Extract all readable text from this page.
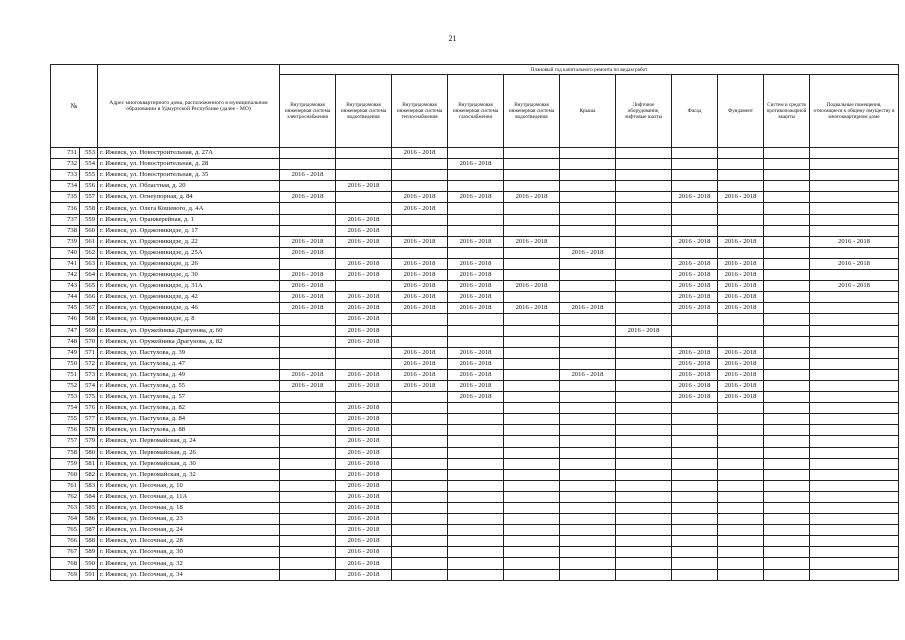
21
№		Адрес многоквартирного дома, расположенного в муниципальном образовании в Удмуртской Республике (далее - МО)	Плановый год капитального ремонта по видам работ										
			Внутридомовая инженерная система электроснабжения	Внутридомовая инженерная система водоотведения	Внутридомовая инженерная система теплоснабжения	Внутридомовая инженерная система газоснабжения	Внутридомовая инженерная система водоотведения	Крыша	Лифтовое оборудование, лифтовые шахты	Фасад	Фундамент	Систем и средств противопожарной защиты	Подвальные помещения, относящиеся к общему имуществу в многоквартирном доме
731	553	г. Ижевск, ул. Новостроительная, д. 27А			2016 - 2018								
732	554	г. Ижевск, ул. Новостроительная, д. 28				2016 - 2018							
733	555	г. Ижевск, ул. Новостроительная, д. 35	2016 - 2018										
734	556	г. Ижевск, ул. Областная, д. 20		2016 - 2018									
735	557	г. Ижевск, ул. Огнеупорная, д. 84	2016 - 2018		2016 - 2018	2016 - 2018	2016 - 2018			2016 - 2018	2016 - 2018		
736	558	г. Ижевск, ул. Олега Кошевого, д. 4А			2016 - 2018								
737	559	г. Ижевск, ул. Оранжерейная, д. 1		2016 - 2018									
738	560	г. Ижевск, ул. Орджоникидзе, д. 17		2016 - 2018									
739	561	г. Ижевск, ул. Орджоникидзе, д. 22	2016 - 2018	2016 - 2018	2016 - 2018	2016 - 2018	2016 - 2018			2016 - 2018	2016 - 2018		2016 - 2018
740	562	г. Ижевск, ул. Орджоникидзе, д. 25А	2016 - 2018					2016 - 2018					
741	563	г. Ижевск, ул. Орджоникидзе, д. 26		2016 - 2018	2016 - 2018	2016 - 2018				2016 - 2018	2016 - 2018		2016 - 2018
742	564	г. Ижевск, ул. Орджоникидзе, д. 30	2016 - 2018	2016 - 2018	2016 - 2018	2016 - 2018				2016 - 2018	2016 - 2018		
743	565	г. Ижевск, ул. Орджоникидзе, д. 31А	2016 - 2018		2016 - 2018	2016 - 2018	2016 - 2018			2016 - 2018	2016 - 2018		2016 - 2018
744	566	г. Ижевск, ул. Орджоникидзе, д. 42	2016 - 2018	2016 - 2018	2016 - 2018	2016 - 2018				2016 - 2018	2016 - 2018		
745	567	г. Ижевск, ул. Орджоникидзе, д. 46	2016 - 2018	2016 - 2018	2016 - 2018	2016 - 2018	2016 - 2018	2016 - 2018		2016 - 2018	2016 - 2018		
746	568	г. Ижевск, ул. Орджоникидзе, д. 8		2016 - 2018									
747	569	г. Ижевск, ул. Оружейника Драгунова, д. 60		2016 - 2018					2016 - 2018				
748	570	г. Ижевск, ул. Оружейника Драгунова, д. 82		2016 - 2018									
749	571	г. Ижевск, ул. Пастухова, д. 39			2016 - 2018	2016 - 2018				2016 - 2018	2016 - 2018		
750	572	г. Ижевск, ул. Пастухова, д. 47			2016 - 2018	2016 - 2018				2016 - 2018	2016 - 2018		
751	573	г. Ижевск, ул. Пастухова, д. 49	2016 - 2018	2016 - 2018	2016 - 2018	2016 - 2018		2016 - 2018		2016 - 2018	2016 - 2018		
752	574	г. Ижевск, ул. Пастухова, д. 55	2016 - 2018	2016 - 2018	2016 - 2018	2016 - 2018				2016 - 2018	2016 - 2018		
753	575	г. Ижевск, ул. Пастухова, д. 57				2016 - 2018				2016 - 2018	2016 - 2018		
754	576	г. Ижевск, ул. Пастухова, д. 82		2016 - 2018									
755	577	г. Ижевск, ул. Пастухова, д. 84		2016 - 2018									
756	578	г. Ижевск, ул. Пастухова, д. 88		2016 - 2018									
757	579	г. Ижевск, ул. Первомайская, д. 24		2016 - 2018									
758	580	г. Ижевск, ул. Первомайская, д. 26		2016 - 2018									
759	581	г. Ижевск, ул. Первомайская, д. 30		2016 - 2018									
760	582	г. Ижевск, ул. Первомайская, д. 32		2016 - 2018									
761	583	г. Ижевск, ул. Песочная, д. 10		2016 - 2018									
762	584	г. Ижевск, ул. Песочная, д. 11А		2016 - 2018									
763	585	г. Ижевск, ул. Песочная, д. 18		2016 - 2018									
764	586	г. Ижевск, ул. Песочная, д. 23		2016 - 2018									
765	587	г. Ижевск, ул. Песочная, д. 24		2016 - 2018									
766	588	г. Ижевск, ул. Песочная, д. 28		2016 - 2018									
767	589	г. Ижевск, ул. Песочная, д. 30		2016 - 2018									
768	590	г. Ижевск, ул. Песочная, д. 32		2016 - 2018									
769	591	г. Ижевск, ул. Песочная, д. 34		2016 - 2018									
